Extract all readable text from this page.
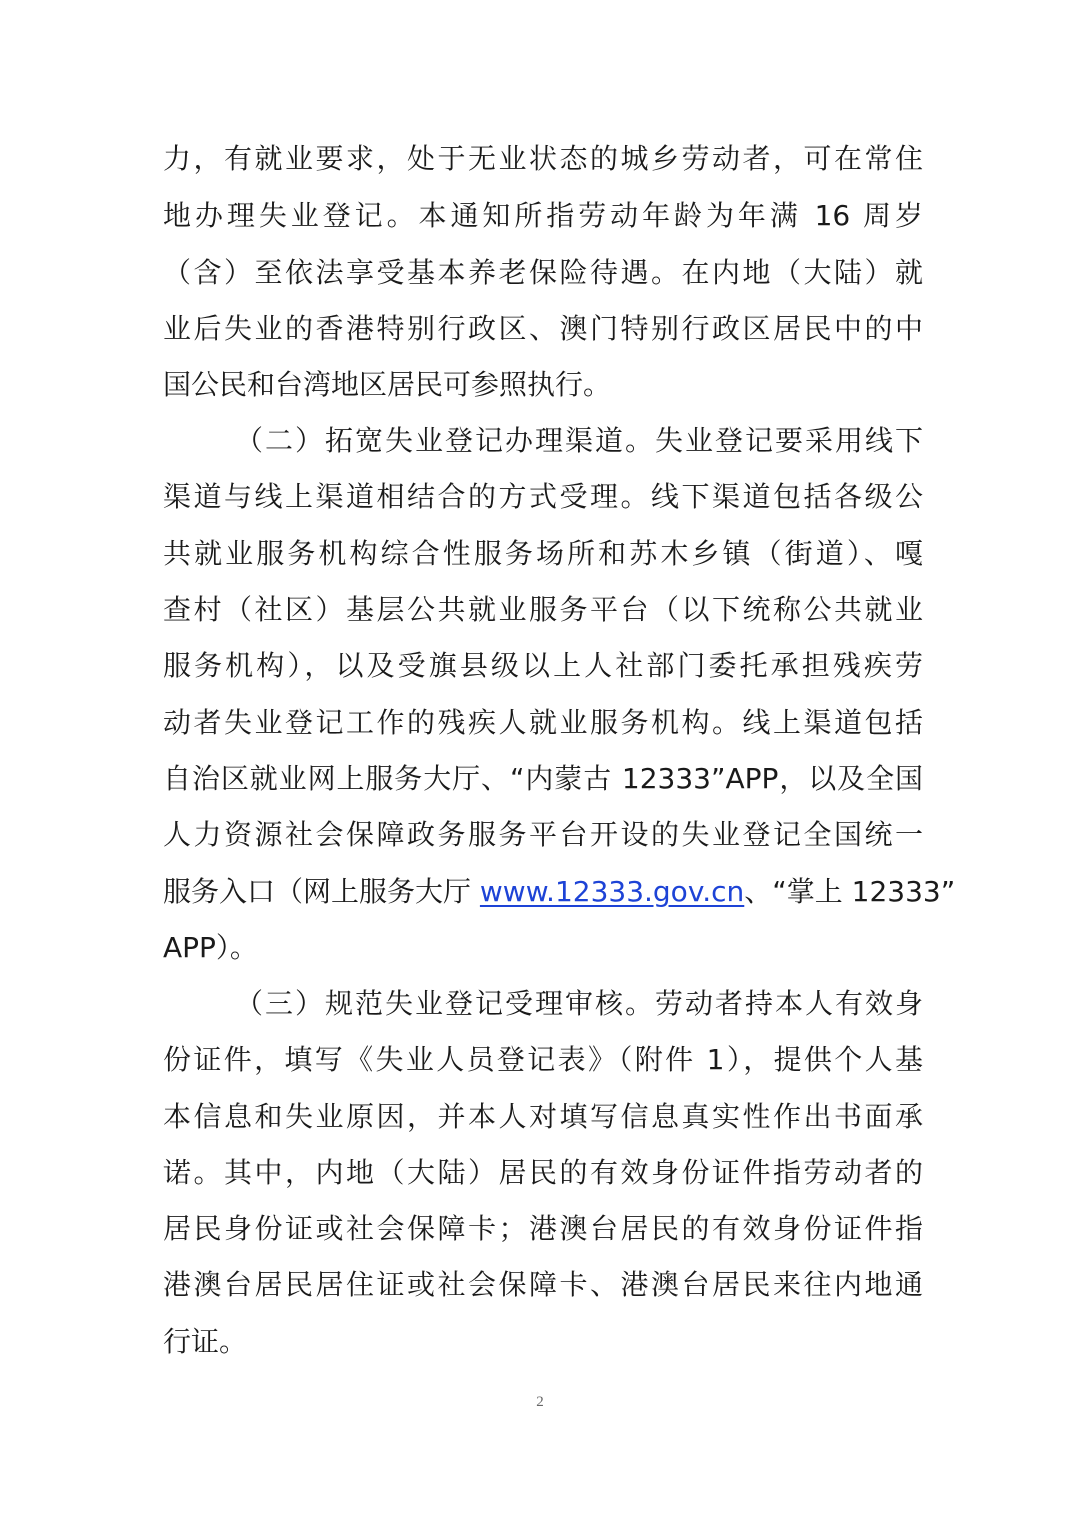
力，有就业要求，处于无业状态的城乡劳动者，可在常住
地办理失业登记。本通知所指劳动年龄为年满 16 周岁
（含）至依法享受基本养老保险待遇。在内地（大陆）就
业后失业的香港特别行政区、澳门特别行政区居民中的中
国公民和台湾地区居民可参照执行。
（二）拓宽失业登记办理渠道。失业登记要采用线下
渠道与线上渠道相结合的方式受理。线下渠道包括各级公
共就业服务机构综合性服务场所和苏木乡镇（街道）、嘎
查村（社区）基层公共就业服务平台（以下统称公共就业
服务机构），以及受旗县级以上人社部门委托承担残疾劳
动者失业登记工作的残疾人就业服务机构。线上渠道包括
自治区就业网上服务大厅、“内蒙古 12333”APP，以及全国
人力资源社会保障政务服务平台开设的失业登记全国统一
服务入口（网上服务大厅 www.12333.gov.cn、“掌上 12333”
APP）。
（三）规范失业登记受理审核。劳动者持本人有效身
份证件，填写《失业人员登记表》（附件 1），提供个人基
本信息和失业原因，并本人对填写信息真实性作出书面承
诺。其中，内地（大陆）居民的有效身份证件指劳动者的
居民身份证或社会保障卡；港澳台居民的有效身份证件指
港澳台居民居住证或社会保障卡、港澳台居民来往内地通
行证。
2
